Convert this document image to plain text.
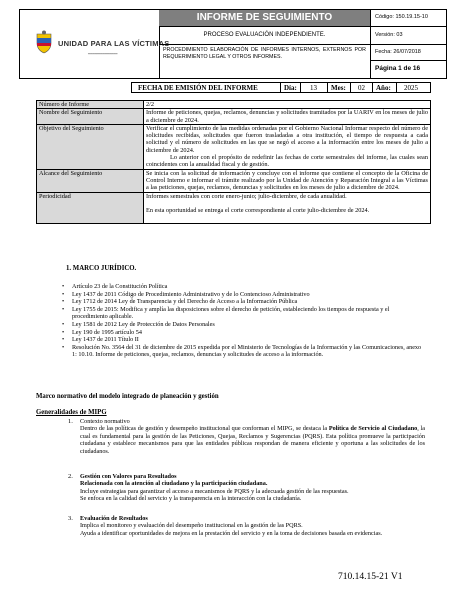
UNIDAD PARA LAS VÍCTIMAS
━━━━━━━━━━━━━━
INFORME DE SEGUIMIENTO
PROCESO EVALUACIÓN INDEPENDIENTE.
PROCEDIMIENTO ELABORACIÓN DE INFORMES INTERNOS, EXTERNOS POR REQUERIMIENTO LEGAL Y OTROS INFORMES.
Código: 150.19.15-10
Versión: 03
Fecha: 26/07/2018
Página 1 de 16
FECHA DE EMISIÓN DEL INFORME	Día: 13 Mes: 02 Año: 2025
Número de Informe	2/2
Nombre del Seguimiento	Informe de peticiones, quejas, reclamos, denuncias y solicitudes tramitados por la UARIV en los meses de julio a diciembre de 2024.

Objetivo del Seguimiento	Verificar el cumplimiento de las medidas ordenadas por el Gobierno Nacional Informar respecto del número de solicitudes recibidas, solicitudes que fueron trasladadas a otra institución, el tiempo de respuesta a cada solicitud y el número de solicitudes en las que se negó el acceso a la información entre los meses de julio a diciembre de 2024.

Lo anterior con el propósito de redefinir las fechas de corte semestrales del informe, las cuales sean coincidentes con la anualidad fiscal y de gestión.

Alcance del Seguimiento	Se inicia con la solicitud de información y concluye con el informe que contiene el concepto de la Oficina de Control Interno e informar el trámite realizado por la Unidad de Atención y Reparación Integral a las Víctimas a las peticiones, quejas, reclamos, denuncias y solicitudes en los meses de julio a diciembre de 2024.

Periodicidad	Informes semestrales con corte enero-junio; julio-diciembre, de cada anualidad.

En esta oportunidad se entrega el corte correspondiente al corte julio-diciembre de 2024.

1. MARCO JURÍDICO.
• Artículo 23 de la Constitución Política
• Ley 1437 de 2011 Código de Procedimiento Administrativo y de lo Contencioso Administrativo
• Ley 1712 de 2014 Ley de Transparencia y del Derecho de Acceso a la Información Pública
• Ley 1755 de 2015: Modifica y amplía las disposiciones sobre el derecho de petición, estableciendo los tiempos de respuesta y el procedimiento aplicable.
• Ley 1581 de 2012 Ley de Protección de Datos Personales
• Ley 190 de 1995 artículo 54
• Ley 1437 de 2011 Título II
• Resolución No. 3564 del 31 de diciembre de 2015 expedida por el Ministerio de Tecnologías de la Información y las Comunicaciones, anexo 1: 10.10. Informe de peticiones, quejas, reclamos, denuncias y solicitudes de acceso a la información.
Marco normativo del modelo integrado de planeación y gestión
Generalidades de MIPG
1. Contexto normativo
Dentro de las políticas de gestión y desempeño institucional que conforman el MIPG, se destaca la Política de Servicio al Ciudadano, la cual es fundamental para la gestión de las Peticiones, Quejas, Reclamos y Sugerencias (PQRS). Esta política promueve la participación ciudadana y establece mecanismos para que las entidades públicas respondan de manera eficiente y oportuna a las solicitudes de los ciudadanos.
2. Gestión con Valores para Resultados
Relacionada con la atención al ciudadano y la participación ciudadana.
Incluye estrategias para garantizar el acceso a mecanismos de PQRS y la adecuada gestión de las respuestas.
Se enfoca en la calidad del servicio y la transparencia en la interacción con la ciudadanía.
3. Evaluación de Resultados
Implica el monitoreo y evaluación del desempeño institucional en la gestión de las PQRS.
Ayuda a identificar oportunidades de mejora en la prestación del servicio y en la toma de decisiones basada en evidencias.
710.14.15-21 V1
